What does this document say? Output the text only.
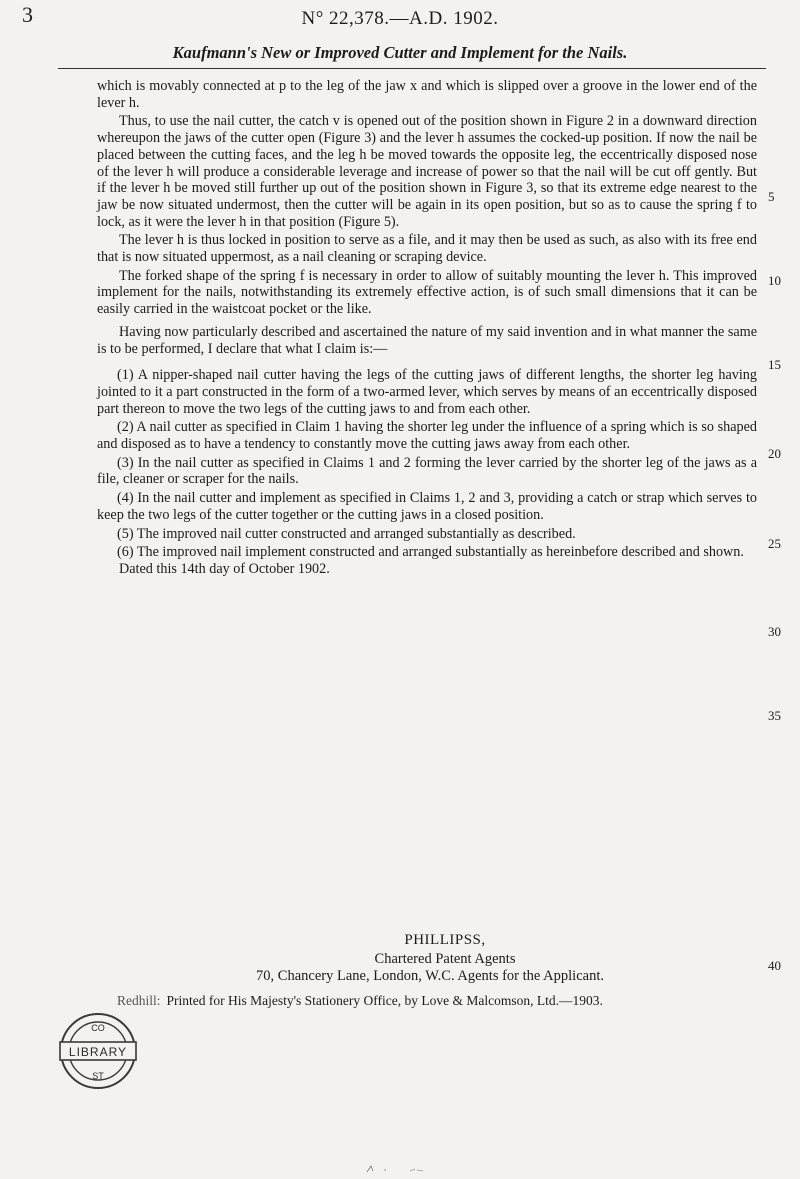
3	N° 22,378.—A.D. 1902.
Kaufmann's New or Improved Cutter and Implement for the Nails.

which is movably connected at p to the leg of the jaw x and which is slipped over a groove in the lower end of the lever h.

Thus, to use the nail cutter, the catch v is opened out of the position shown in Figure 2 in a downward direction whereupon the jaws of the cutter open (Figure 3) and the lever h assumes the cocked-up position. If now the nail be placed between the cutting faces, and the leg h be moved towards the opposite leg, the eccentrically disposed nose of the lever h will produce a considerable leverage and increase of power so that the nail will be cut off gently. But if the lever h be moved still further up out of the position shown in Figure 3, so that its extreme edge nearest to the jaw be now situated undermost, then the cutter will be again in its open position, but so as to cause the spring f to lock, as it were the lever h in that position (Figure 5).

The lever h is thus locked in position to serve as a file, and it may then be used as such, as also with its free end that is now situated uppermost, as a nail cleaning or scraping device.

The forked shape of the spring f is necessary in order to allow of suitably mounting the lever h. This improved implement for the nails, notwithstanding its extremely effective action, is of such small dimensions that it can be easily carried in the waistcoat pocket or the like.

Having now particularly described and ascertained the nature of my said invention and in what manner the same is to be performed, I declare that what I claim is:—

(1) A nipper-shaped nail cutter having the legs of the cutting jaws of different lengths, the shorter leg having jointed to it a part constructed in the form of a two-armed lever, which serves by means of an eccentrically disposed part thereon to move the two legs of the cutting jaws to and from each other.

(2) A nail cutter as specified in Claim 1 having the shorter leg under the influence of a spring which is so shaped and disposed as to have a tendency to constantly move the cutting jaws away from each other.

(3) In the nail cutter as specified in Claims 1 and 2 forming the lever carried by the shorter leg of the jaws as a file, cleaner or scraper for the nails.

(4) In the nail cutter and implement as specified in Claims 1, 2 and 3, providing a catch or strap which serves to keep the two legs of the cutter together or the cutting jaws in a closed position.

(5) The improved nail cutter constructed and arranged substantially as described.

(6) The improved nail implement constructed and arranged substantially as hereinbefore described and shown.

Dated this 14th day of October 1902.

5
10
15
20
25
30
35
40
PHILLIPSS,
Chartered Patent Agents
70, Chancery Lane, London, W.C. Agents for the Applicant.
Redhill: Printed for His Majesty's Stationery Office, by Love & Malcomson, Ltd.—1903.
LIBRARY
CO
ST
